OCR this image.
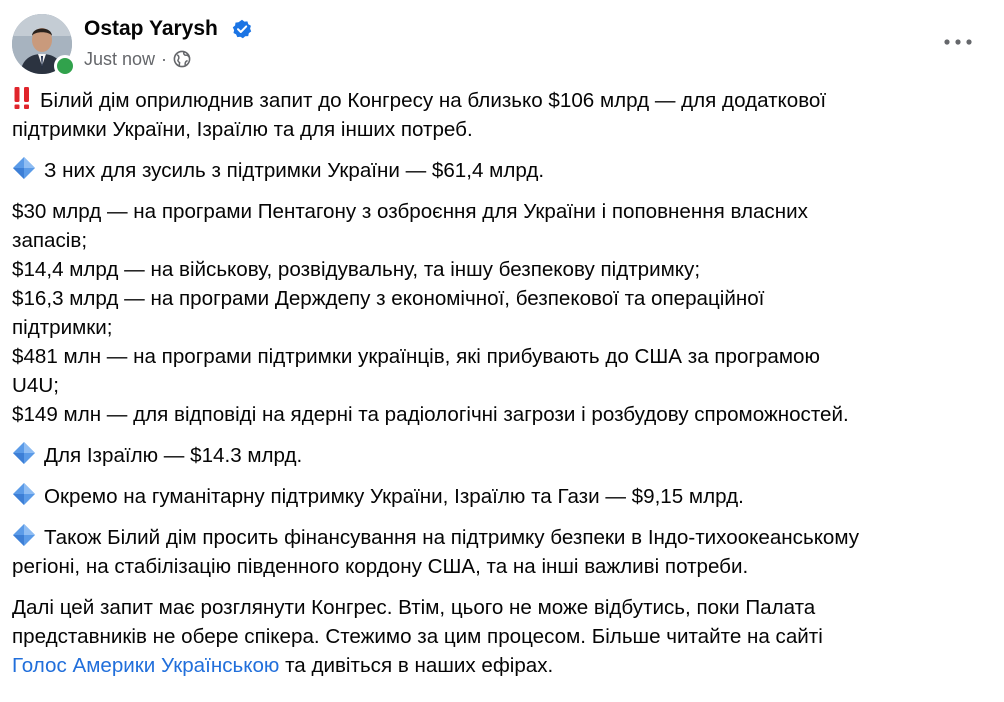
Ostap Yarysh
Just now ·

Білий дім оприлюднив запит до Конгресу на близько $106 млрд — для додаткової
підтримки України, Ізраїлю та для інших потреб.

З них для зусиль з підтримки України — $61,4 млрд.

$30 млрд — на програми Пентагону з озброєння для України і поповнення власних
запасів;
$14,4 млрд — на військову, розвідувальну, та іншу безпекову підтримку;
$16,3 млрд — на програми Держдепу з економічної, безпекової та операційної
підтримки;
$481 млн — на програми підтримки українців, які прибувають до США за програмою
U4U;
$149 млн — для відповіді на ядерні та радіологічні загрози і розбудову спроможностей.

Для Ізраїлю — $14.3 млрд.

Окремо на гуманітарну підтримку України, Ізраїлю та Гази — $9,15 млрд.

Також Білий дім просить фінансування на підтримку безпеки в Індо-тихоокеанському
регіоні, на стабілізацію південного кордону США, та на інші важливі потреби.

Далі цей запит має розглянути Конгрес. Втім, цього не може відбутись, поки Палата
представників не обере спікера. Стежимо за цим процесом. Більше читайте на сайті
Голос Америки Українською та дивіться в наших ефірах.
